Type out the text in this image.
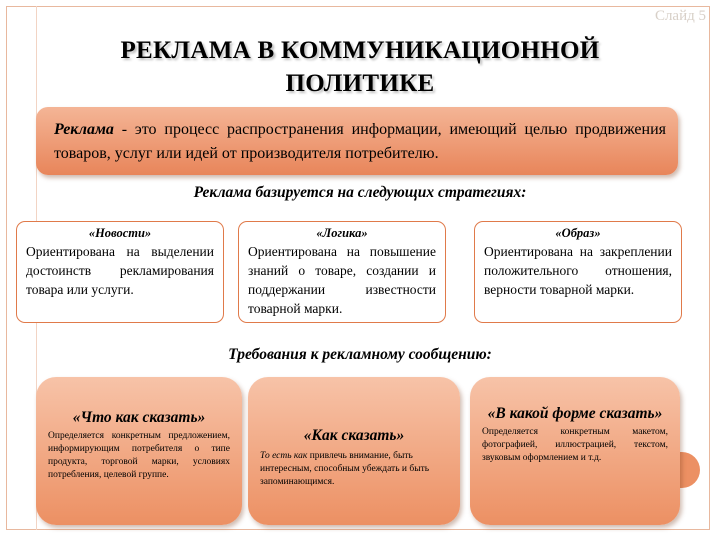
Слайд 5
РЕКЛАМА В КОММУНИКАЦИОННОЙ
ПОЛИТИКЕ
Реклама - это процесс распространения информации, имеющий целью продвижения товаров, услуг или идей от производителя потребителю.
Реклама базируется на следующих стратегиях:
«Новости»
Ориентирована на выделении достоинств рекламирования товара или услуги.
«Логика»
Ориентирована на повышение знаний о товаре, создании и поддержании известности товарной марки.
«Образ»
Ориентирована на закреплении положительного отношения, верности товарной марки.
Требования к рекламному сообщению:
«Что как сказать»
Определяется конкретным предложением, информирующим потребителя о типе продукта, торговой марки, условиях потребления, целевой группе.
«Как сказать»
То есть как привлечь внимание, быть интересным, способным убеждать и быть запоминающимся.
«В какой форме сказать»
Определяется конкретным макетом, фотографией, иллюстрацией, текстом, звуковым оформлением и т.д.
